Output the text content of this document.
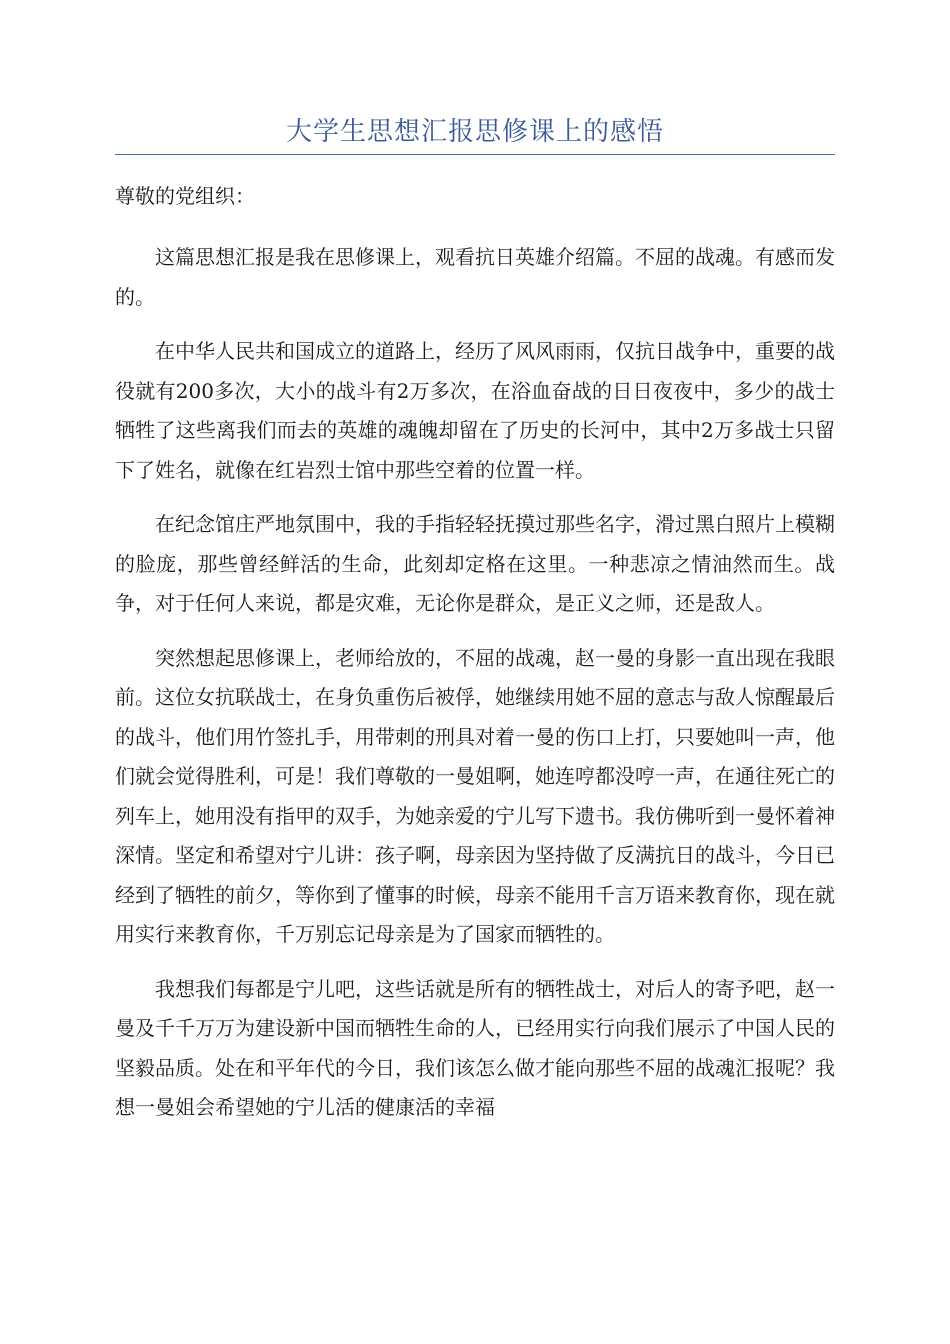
大学生思想汇报思修课上的感悟

尊敬的党组织：

这篇思想汇报是我在思修课上，观看抗日英雄介绍篇。不屈的战魂。有感而发的。

在中华人民共和国成立的道路上，经历了风风雨雨，仅抗日战争中，重要的战役就有200多次，大小的战斗有2万多次，在浴血奋战的日日夜夜中，多少的战士牺牲了这些离我们而去的英雄的魂魄却留在了历史的长河中，其中2万多战士只留下了姓名，就像在红岩烈士馆中那些空着的位置一样。

在纪念馆庄严地氛围中，我的手指轻轻抚摸过那些名字，滑过黑白照片上模糊的脸庞，那些曾经鲜活的生命，此刻却定格在这里。一种悲凉之情油然而生。战争，对于任何人来说，都是灾难，无论你是群众，是正义之师，还是敌人。

突然想起思修课上，老师给放的，不屈的战魂，赵一曼的身影一直出现在我眼前。这位女抗联战士，在身负重伤后被俘，她继续用她不屈的意志与敌人惊醒最后的战斗，他们用竹签扎手，用带刺的刑具对着一曼的伤口上打，只要她叫一声，他们就会觉得胜利，可是！我们尊敬的一曼姐啊，她连哼都没哼一声，在通往死亡的列车上，她用没有指甲的双手，为她亲爱的宁儿写下遗书。我仿佛听到一曼怀着神深情。坚定和希望对宁儿讲：孩子啊，母亲因为坚持做了反满抗日的战斗，今日已经到了牺牲的前夕，等你到了懂事的时候，母亲不能用千言万语来教育你，现在就用实行来教育你，千万别忘记母亲是为了国家而牺牲的。

我想我们每都是宁儿吧，这些话就是所有的牺牲战士，对后人的寄予吧，赵一曼及千千万万为建设新中国而牺牲生命的人，已经用实行向我们展示了中国人民的坚毅品质。处在和平年代的今日，我们该怎么做才能向那些不屈的战魂汇报呢？我想一曼姐会希望她的宁儿活的健康活的幸福
